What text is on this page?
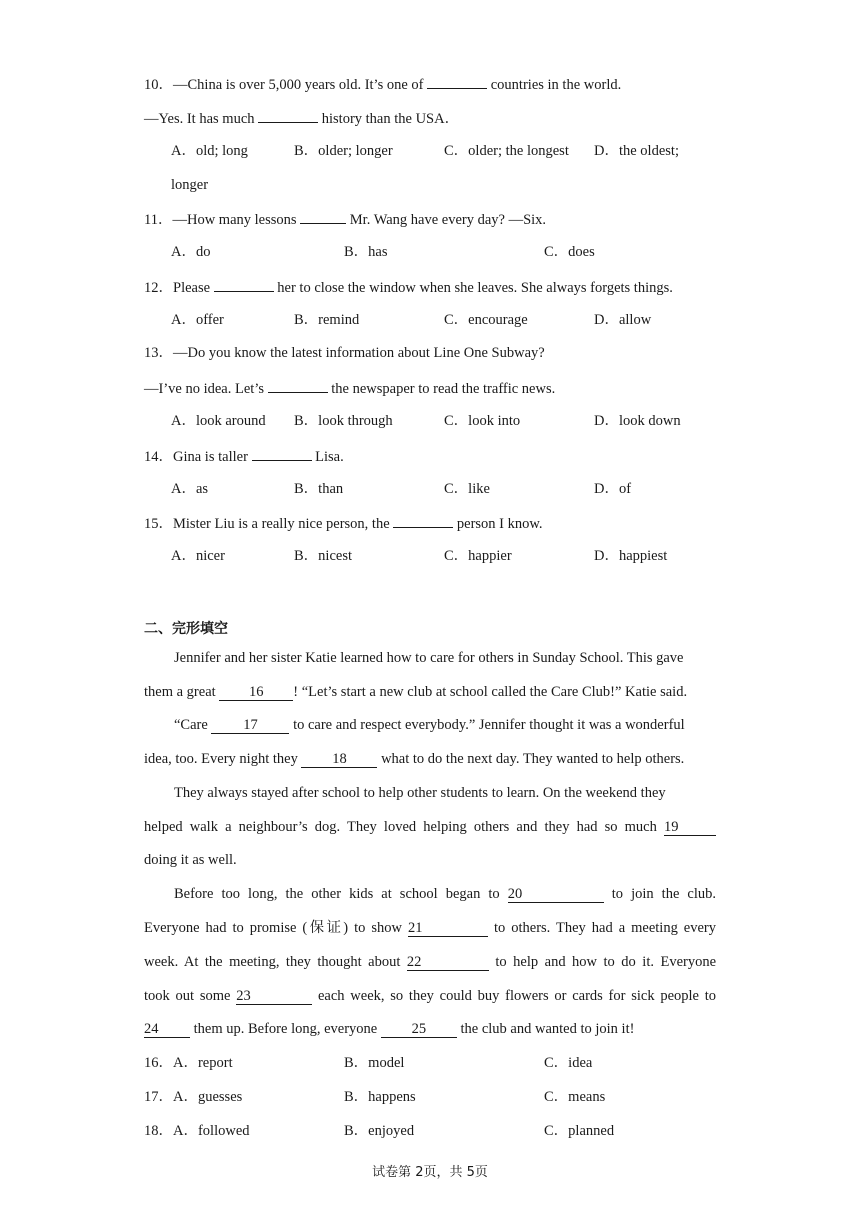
10．—China is over 5,000 years old. It’s one of	countries in the world.
—Yes. It has much	history than the USA．
A．old; long	B．older; longer	C．older; the longest D．the oldest;
longer
11．—How many lessons	Mr. Wang have every day? —Six.
A．do	B．has	C．does
12．Please	her to close the window when she leaves. She always forgets things.
A．offer	B．remind	C．encourage	D．allow
13．—Do you know the latest information about Line One Subway?
—I’ve no idea. Let’s	the newspaper to read the traffic news.
A．look around B．look through	C．look into	D．look down
14．Gina is taller	Lisa.
A．as	B．than	C．like	D．of
15．Mister Liu is a really nice person, the	person I know.
A．nicer	B．nicest	C．happier	D．happiest
二、完形填空
Jennifer and her sister Katie learned how to care for others in Sunday School. This gave
them a great 16 ! “Let’s start a new club at school called the Care Club!” Katie said.
“Care 17 to care and respect everybody.” Jennifer thought it was a wonderful
idea, too. Every night they 18 what to do the next day. They wanted to help others.
They always stayed after school to help other students to learn. On the weekend they
helped walk a neighbour’s dog. They loved helping others and they had so much 19
doing it as well.
Before too long, the other kids at school began to 20	to join the club.
Everyone had to promise (保证) to show 21	to others. They had a meeting every
week. At the meeting, they thought about 22	to help and how to do it. Everyone
took out some 23	each week, so they could buy flowers or cards for sick people to
24 them up. Before long, everyone 25 the club and wanted to join it!
16．A．report	B．model	C．idea
17．A．guesses	B．happens	C．means
18．A．followed	B．enjoyed	C．planned
试卷第 2页，共 5页
